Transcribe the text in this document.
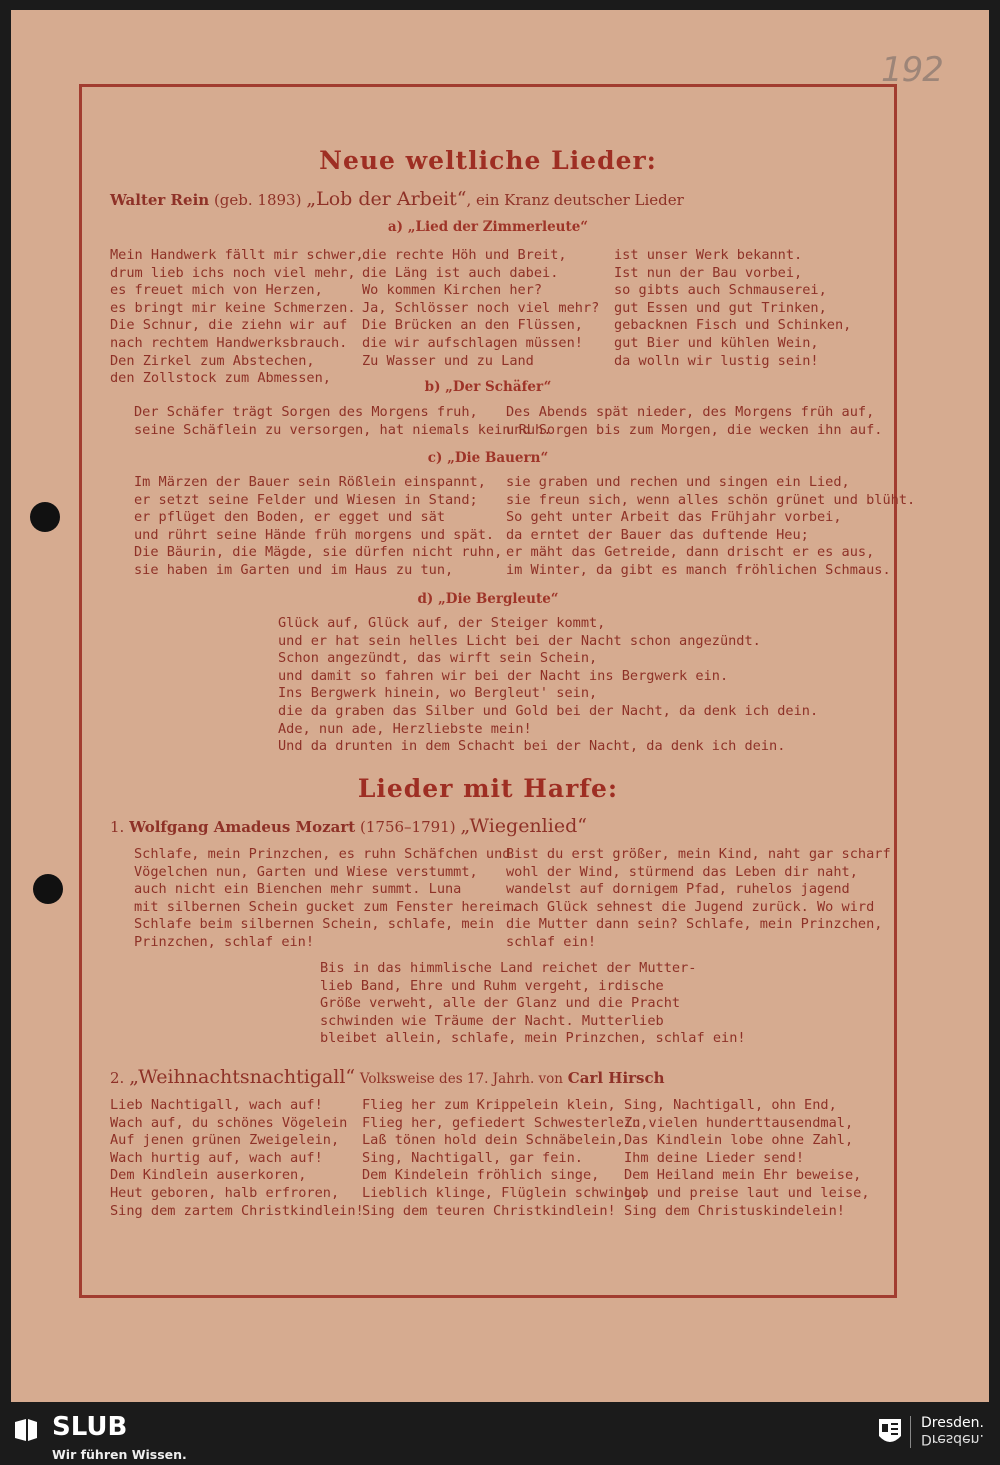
192
Neue weltliche Lieder:
Walter Rein (geb. 1893) „Lob der Arbeit“, ein Kranz deutscher Lieder
a) „Lied der Zimmerleute“
Mein Handwerk fällt mir schwer,
drum lieb ichs noch viel mehr,
es freuet mich von Herzen,
es bringt mir keine Schmerzen.
Die Schnur, die ziehn wir auf
nach rechtem Handwerksbrauch.
Den Zirkel zum Abstechen,
den Zollstock zum Abmessen,
die rechte Höh und Breit,
die Läng ist auch dabei.
Wo kommen Kirchen her?
Ja, Schlösser noch viel mehr?
Die Brücken an den Flüssen,
die wir aufschlagen müssen!
Zu Wasser und zu Land
ist unser Werk bekannt.
Ist nun der Bau vorbei,
so gibts auch Schmauserei,
gut Essen und gut Trinken,
gebacknen Fisch und Schinken,
gut Bier und kühlen Wein,
da wolln wir lustig sein!
b) „Der Schäfer“
Der Schäfer trägt Sorgen des Morgens fruh,
seine Schäflein zu versorgen, hat niemals kein Ruh.
Des Abends spät nieder, des Morgens früh auf,
und Sorgen bis zum Morgen, die wecken ihn auf.
c) „Die Bauern“
Im Märzen der Bauer sein Rößlein einspannt,
er setzt seine Felder und Wiesen in Stand;
er pflüget den Boden, er egget und sät
und rührt seine Hände früh morgens und spät.
Die Bäurin, die Mägde, sie dürfen nicht ruhn,
sie haben im Garten und im Haus zu tun,
sie graben und rechen und singen ein Lied,
sie freun sich, wenn alles schön grünet und blüht.
So geht unter Arbeit das Frühjahr vorbei,
da erntet der Bauer das duftende Heu;
er mäht das Getreide, dann drischt er es aus,
im Winter, da gibt es manch fröhlichen Schmaus.
d) „Die Bergleute“
Glück auf, Glück auf, der Steiger kommt,
und er hat sein helles Licht bei der Nacht schon angezündt.
Schon angezündt, das wirft sein Schein,
und damit so fahren wir bei der Nacht ins Bergwerk ein.
Ins Bergwerk hinein, wo Bergleut' sein,
die da graben das Silber und Gold bei der Nacht, da denk ich dein.
Ade, nun ade, Herzliebste mein!
Und da drunten in dem Schacht bei der Nacht, da denk ich dein.
Lieder mit Harfe:
1. Wolfgang Amadeus Mozart (1756–1791) „Wiegenlied“
Schlafe, mein Prinzchen, es ruhn Schäfchen und
Vögelchen nun, Garten und Wiese verstummt,
auch nicht ein Bienchen mehr summt. Luna
mit silbernen Schein gucket zum Fenster herein.
Schlafe beim silbernen Schein, schlafe, mein
Prinzchen, schlaf ein!
Bist du erst größer, mein Kind, naht gar scharf
wohl der Wind, stürmend das Leben dir naht,
wandelst auf dornigem Pfad, ruhelos jagend
nach Glück sehnest die Jugend zurück. Wo wird
die Mutter dann sein? Schlafe, mein Prinzchen,
schlaf ein!
Bis in das himmlische Land reichet der Mutter-
lieb Band, Ehre und Ruhm vergeht, irdische
Größe verweht, alle der Glanz und die Pracht
schwinden wie Träume der Nacht. Mutterlieb
bleibet allein, schlafe, mein Prinzchen, schlaf ein!
2. „Weihnachtsnachtigall“ Volksweise des 17. Jahrh. von Carl Hirsch
Lieb Nachtigall, wach auf!
Wach auf, du schönes Vögelein
Auf jenen grünen Zweigelein,
Wach hurtig auf, wach auf!
Dem Kindlein auserkoren,
Heut geboren, halb erfroren,
Sing dem zartem Christkindlein!
Flieg her zum Krippelein klein,
Flieg her, gefiedert Schwesterlein,
Laß tönen hold dein Schnäbelein,
Sing, Nachtigall, gar fein.
Dem Kindelein fröhlich singe,
Lieblich klinge, Flüglein schwinge,
Sing dem teuren Christkindlein!
Sing, Nachtigall, ohn End,
Zu vielen hunderttausendmal,
Das Kindlein lobe ohne Zahl,
Ihm deine Lieder send!
Dem Heiland mein Ehr beweise,
Lob und preise laut und leise,
Sing dem Christuskindelein!
SLUB
Wir führen Wissen.
Dresden.
Dresden.
